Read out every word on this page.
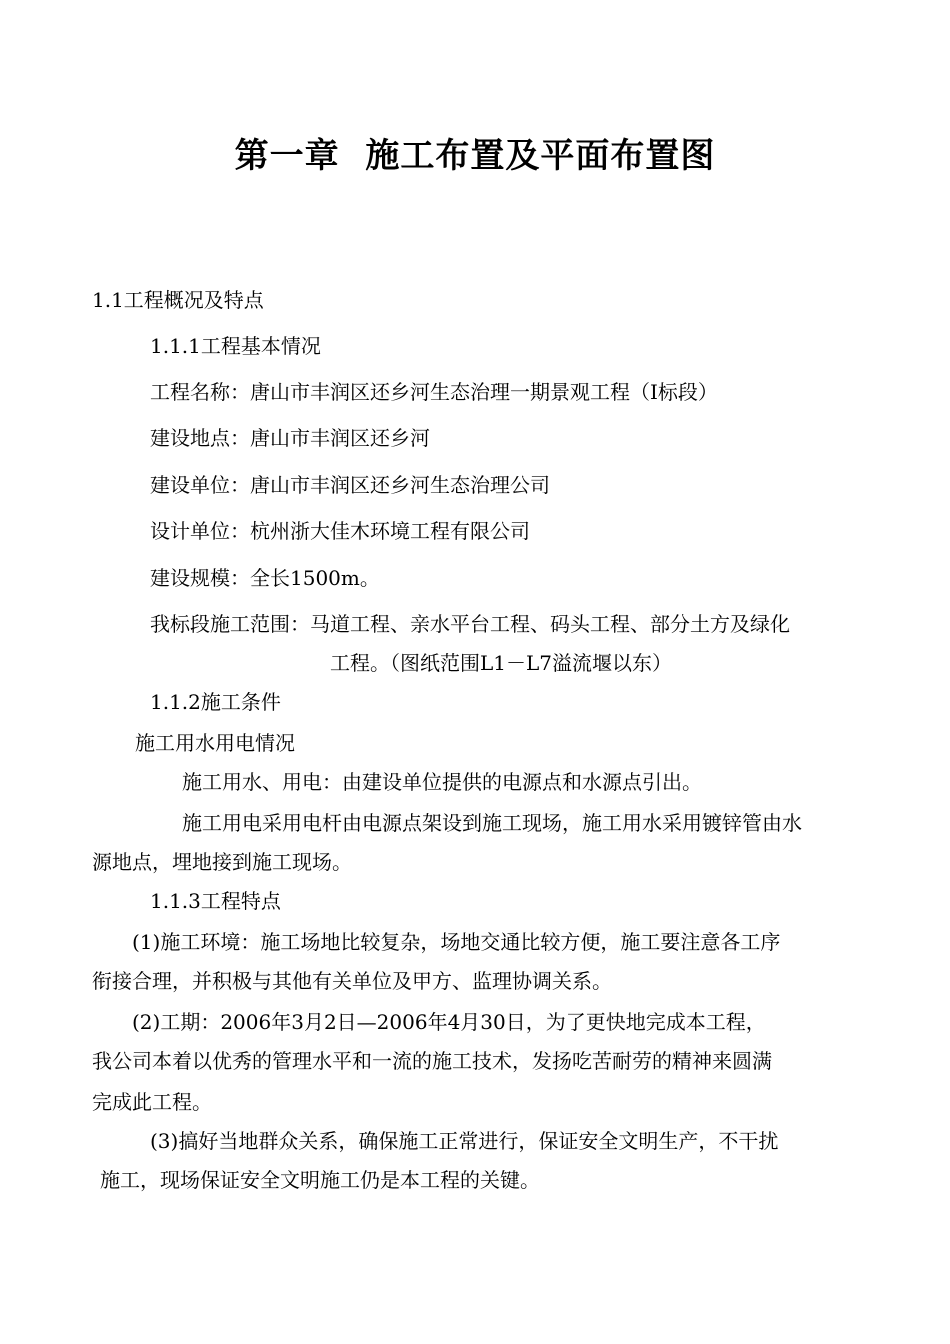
第一章  施工布置及平面布置图
1.1工程概况及特点
1.1.1工程基本情况
工程名称：唐山市丰润区还乡河生态治理一期景观工程（Ⅰ标段）
建设地点：唐山市丰润区还乡河
建设单位：唐山市丰润区还乡河生态治理公司
设计单位：杭州浙大佳木环境工程有限公司
建设规模：全长1500m。
我标段施工范围：马道工程、亲水平台工程、码头工程、部分土方及绿化
工程。（图纸范围L1－L7溢流堰以东）
1.1.2施工条件
施工用水用电情况
施工用水、用电：由建设单位提供的电源点和水源点引出。
施工用电采用电杆由电源点架设到施工现场，施工用水采用镀锌管由水
源地点，埋地接到施工现场。
1.1.3工程特点
(1)施工环境：施工场地比较复杂，场地交通比较方便，施工要注意各工序
衔接合理，并积极与其他有关单位及甲方、监理协调关系。
(2)工期：2006年3月2日—2006年4月30日，为了更快地完成本工程，
我公司本着以优秀的管理水平和一流的施工技术，发扬吃苦耐劳的精神来圆满
完成此工程。
(3)搞好当地群众关系，确保施工正常进行，保证安全文明生产，不干扰
施工，现场保证安全文明施工仍是本工程的关键。
